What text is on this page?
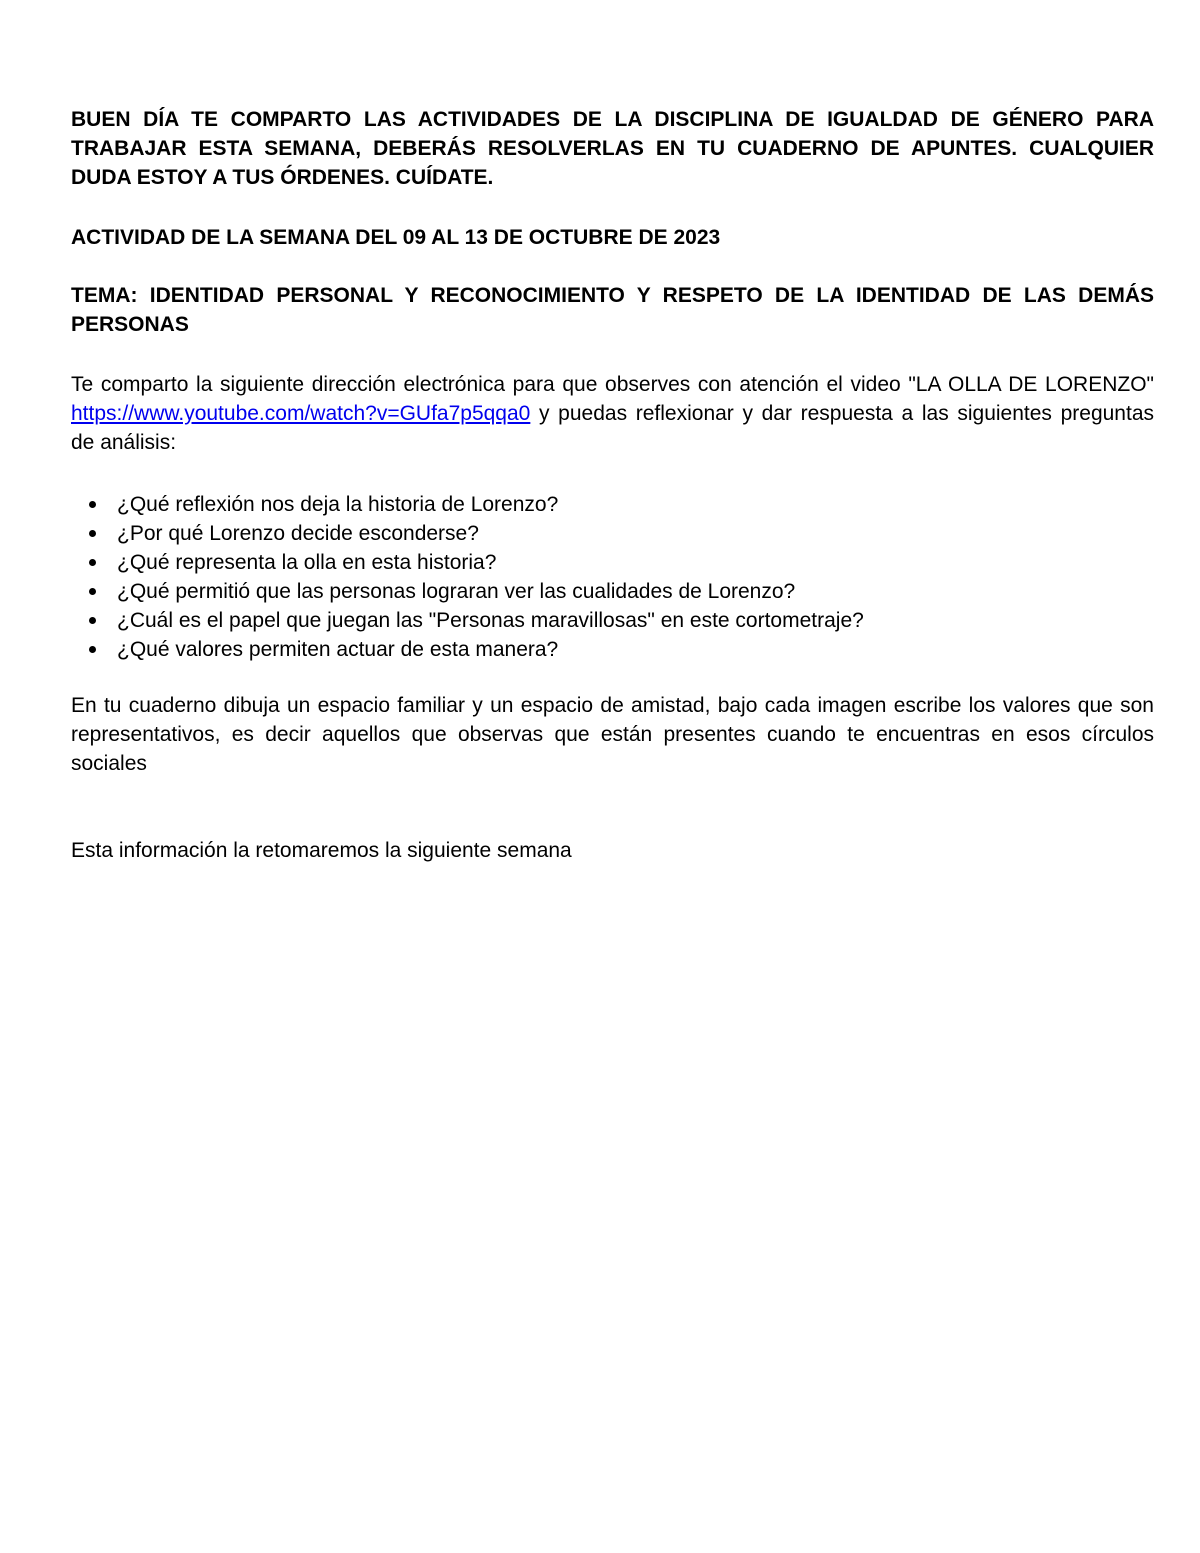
BUEN DÍA TE COMPARTO LAS ACTIVIDADES DE LA DISCIPLINA DE IGUALDAD DE GÉNERO PARA TRABAJAR ESTA SEMANA, DEBERÁS RESOLVERLAS EN TU CUADERNO DE APUNTES. CUALQUIER DUDA ESTOY A TUS ÓRDENES. CUÍDATE.

ACTIVIDAD DE LA SEMANA DEL 09 AL 13 DE OCTUBRE DE 2023

TEMA: IDENTIDAD PERSONAL Y RECONOCIMIENTO Y RESPETO DE LA IDENTIDAD DE LAS DEMÁS PERSONAS

Te comparto la siguiente dirección electrónica para que observes con atención el video "LA OLLA DE LORENZO" https://www.youtube.com/watch?v=GUfa7p5qqa0 y puedas reflexionar y dar respuesta a las siguientes preguntas de análisis:

¿Qué reflexión nos deja la historia de Lorenzo?
¿Por qué Lorenzo decide esconderse?
¿Qué representa la olla en esta historia?
¿Qué permitió que las personas lograran ver las cualidades de Lorenzo?
¿Cuál es el papel que juegan las "Personas maravillosas" en este cortometraje?
¿Qué valores permiten actuar de esta manera?

En tu cuaderno dibuja un espacio familiar y un espacio de amistad, bajo cada imagen escribe los valores que son representativos, es decir aquellos que observas que están presentes cuando te encuentras en esos círculos sociales

Esta información la retomaremos la siguiente semana
